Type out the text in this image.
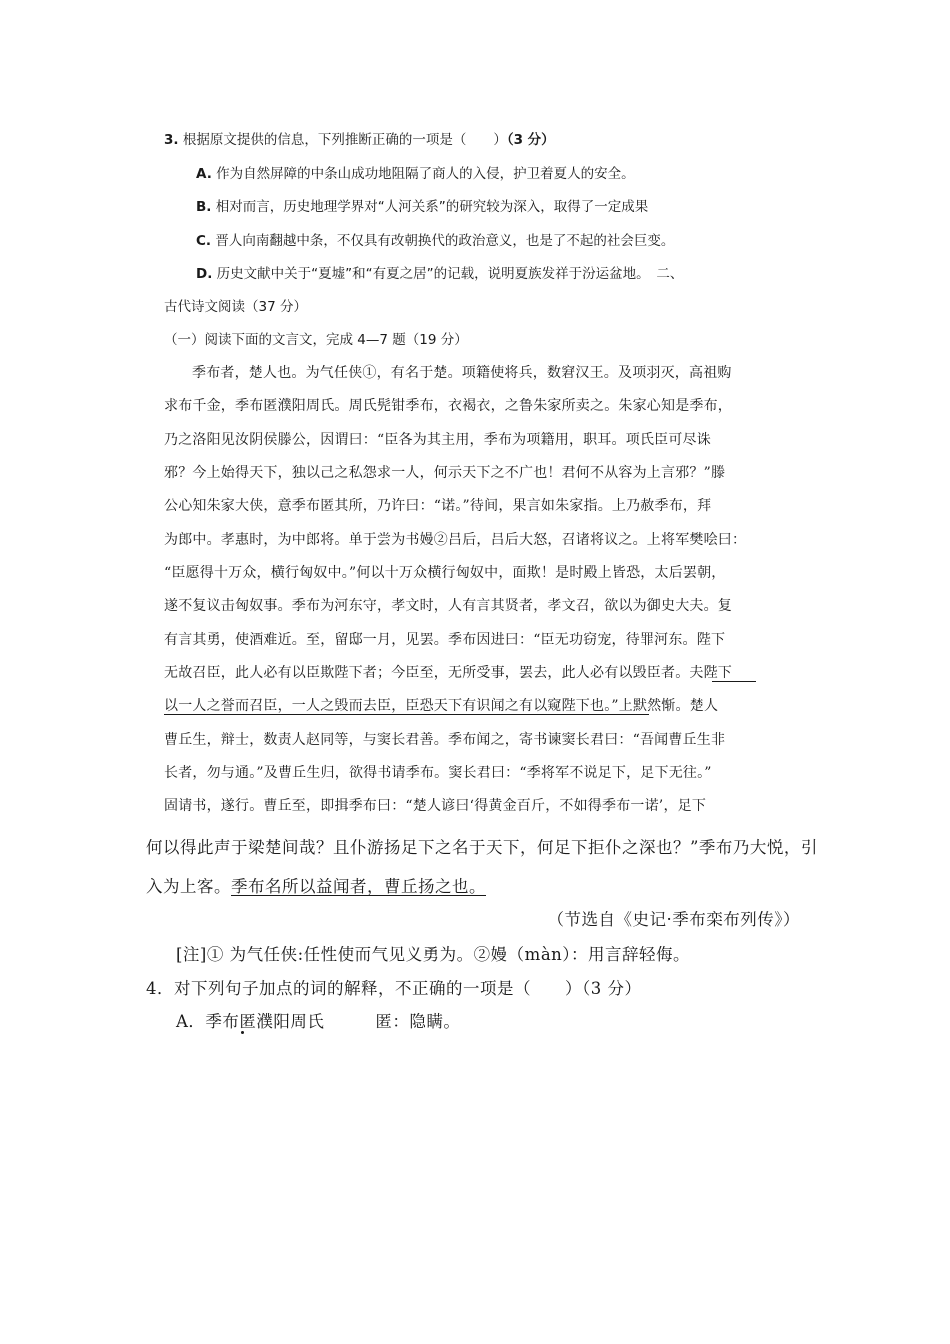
3. 根据原文提供的信息，下列推断正确的一项是（　　）（3 分）
A. 作为自然屏障的中条山成功地阻隔了商人的入侵，护卫着夏人的安全。
B. 相对而言，历史地理学界对“人河关系”的研究较为深入，取得了一定成果
C. 晋人向南翻越中条，不仅具有改朝换代的政治意义，也是了不起的社会巨变。
D. 历史文献中关于“夏墟”和“有夏之居”的记载，说明夏族发祥于汾运盆地。　二、
古代诗文阅读（37 分）
（一）阅读下面的文言文，完成 4—7 题（19 分）
季布者，楚人也。为气任侠①，有名于楚。项籍使将兵，数窘汉王。及项羽灭，高祖购
求布千金，季布匿濮阳周氏。周氏髡钳季布，衣褐衣，之鲁朱家所卖之。朱家心知是季布，
乃之洛阳见汝阴侯滕公，因谓曰：“臣各为其主用，季布为项籍用，职耳。项氏臣可尽诛
邪？今上始得天下，独以己之私怨求一人，何示天下之不广也！君何不从容为上言邪？”滕
公心知朱家大侠，意季布匿其所，乃许曰：“诺。”待间，果言如朱家指。上乃赦季布，拜
为郎中。孝惠时，为中郎将。单于尝为书嫚②吕后，吕后大怒，召诸将议之。上将军樊哙曰：
“臣愿得十万众，横行匈奴中。”何以十万众横行匈奴中，面欺！是时殿上皆恐，太后罢朝，
遂不复议击匈奴事。季布为河东守，孝文时，人有言其贤者，孝文召，欲以为御史大夫。复
有言其勇，使酒难近。至，留邸一月，见罢。季布因进曰：“臣无功窃宠，待罪河东。陛下
无故召臣，此人必有以臣欺陛下者；今臣至，无所受事，罢去，此人必有以毁臣者。夫陛下
以一人之誉而召臣，一人之毁而去臣，臣恐天下有识闻之有以窥陛下也。”上默然惭。楚人
曹丘生，辩士，数责人赵同等，与窦长君善。季布闻之，寄书谏窦长君曰：“吾闻曹丘生非
长者，勿与通。”及曹丘生归，欲得书请季布。窦长君曰：“季将军不说足下，足下无往。”
固请书，遂行。曹丘至，即揖季布曰：“楚人谚曰‘得黄金百斤，不如得季布一诺’，足下
何以得此声于梁楚间哉？且仆游扬足下之名于天下，何足下拒仆之深也？”季布乃大悦，引
入为上客。季布名所以益闻者，曹丘扬之也。
（节选自《史记·季布栾布列传》）
[注]① 为气任侠:任性使而气见义勇为。②嫚（màn）：用言辞轻侮。
4．对下列句子加点的词的解释，不正确的一项是（　　）（3 分）
A．季布匿濮阳周氏　　　匿：隐瞒。
